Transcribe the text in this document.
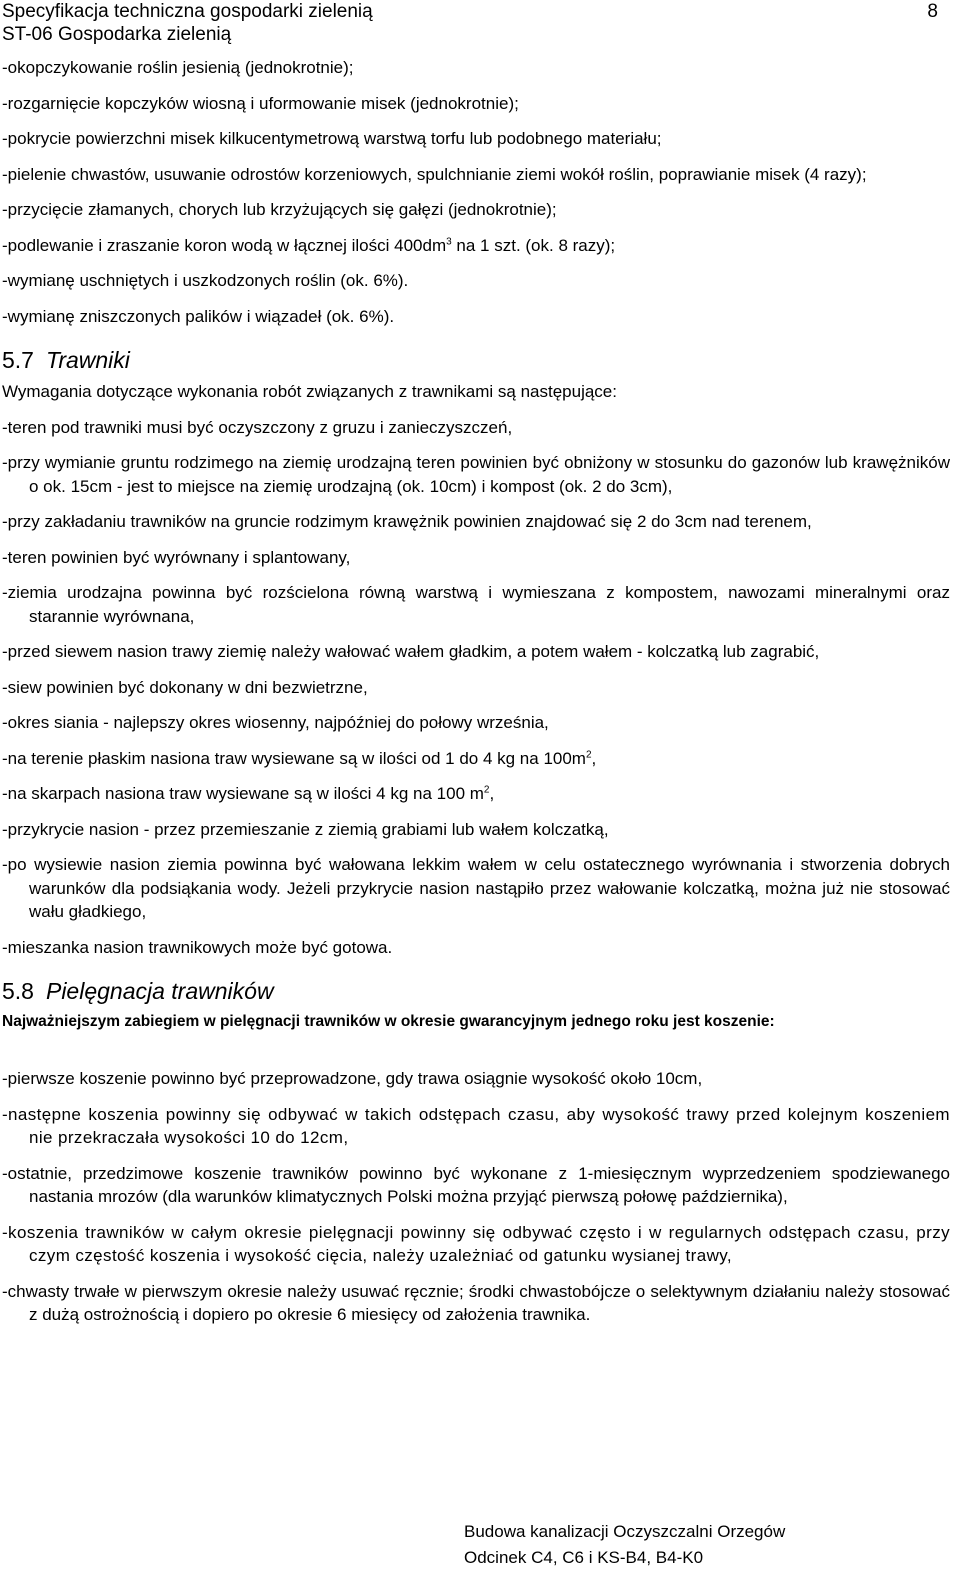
Specyfikacja techniczna gospodarki zielenią
ST-06 Gospodarka zielenią
8
-okopczykowanie roślin jesienią (jednokrotnie);
-rozgarnięcie kopczyków wiosną i uformowanie misek (jednokrotnie);
-pokrycie powierzchni misek kilkucentymetrową warstwą torfu lub podobnego materiału;
-pielenie chwastów, usuwanie odrostów korzeniowych, spulchnianie ziemi wokół roślin, poprawianie misek (4 razy);
-przycięcie złamanych, chorych lub krzyżujących się gałęzi (jednokrotnie);
-podlewanie i zraszanie koron wodą w łącznej ilości $400dm^3$ na 1 szt. (ok. 8 razy);
-wymianę uschniętych i uszkodzonych roślin (ok. 6%).
-wymianę zniszczonych palików i wiązadeł (ok. 6%).
5.7 Trawniki
Wymagania dotyczące wykonania robót związanych z trawnikami są następujące:
-teren pod trawniki musi być oczyszczony z gruzu i zanieczyszczeń,
-przy wymianie gruntu rodzimego na ziemię urodzajną teren powinien być obniżony w stosunku do gazonów lub krawężników o ok. 15cm - jest to miejsce na ziemię urodzajną (ok. 10cm) i kompost (ok. 2 do 3cm),
-przy zakładaniu trawników na gruncie rodzimym krawężnik powinien znajdować się 2 do 3cm nad terenem,
-teren powinien być wyrównany i splantowany,
-ziemia urodzajna powinna być rozścielona równą warstwą i wymieszana z kompostem, nawozami mineralnymi oraz starannie wyrównana,
-przed siewem nasion trawy ziemię należy wałować wałem gładkim, a potem wałem - kolczatką lub zagrabić,
-siew powinien być dokonany w dni bezwietrzne,
-okres siania - najlepszy okres wiosenny, najpóźniej do połowy września,
-na terenie płaskim nasiona traw wysiewane są w ilości od 1 do 4 kg na $100m^2$,
-na skarpach nasiona traw wysiewane są w ilości 4 kg na 100 $m^2$,
-przykrycie nasion - przez przemieszanie z ziemią grabiami lub wałem kolczatką,
-po wysiewie nasion ziemia powinna być wałowana lekkim wałem w celu ostatecznego wyrównania i stworzenia dobrych warunków dla podsiąkania wody. Jeżeli przykrycie nasion nastąpiło przez wałowanie kolczatką, można już nie stosować wału gładkiego,
-mieszanka nasion trawnikowych może być gotowa.
5.8 Pielęgnacja trawników
Najważniejszym zabiegiem w pielęgnacji trawników w okresie gwarancyjnym jednego roku jest koszenie:
-pierwsze koszenie powinno być przeprowadzone, gdy trawa osiągnie wysokość około 10cm,
-następne koszenia powinny się odbywać w takich odstępach czasu, aby wysokość trawy przed kolejnym koszeniem nie przekraczała wysokości 10 do 12cm,
-ostatnie, przedzimowe koszenie trawników powinno być wykonane z 1-miesięcznym wyprzedzeniem spodziewanego nastania mrozów (dla warunków klimatycznych Polski można przyjąć pierwszą połowę października),
-koszenia trawników w całym okresie pielęgnacji powinny się odbywać często i w regularnych odstępach czasu, przy czym częstość koszenia i wysokość cięcia, należy uzależniać od gatunku wysianej trawy,
-chwasty trwałe w pierwszym okresie należy usuwać ręcznie; środki chwastobójcze o selektywnym działaniu należy stosować z dużą ostrożnością i dopiero po okresie 6 miesięcy od założenia trawnika.
Budowa kanalizacji Oczyszczalni Orzegów
Odcinek C4, C6 i KS-B4, B4-K0
